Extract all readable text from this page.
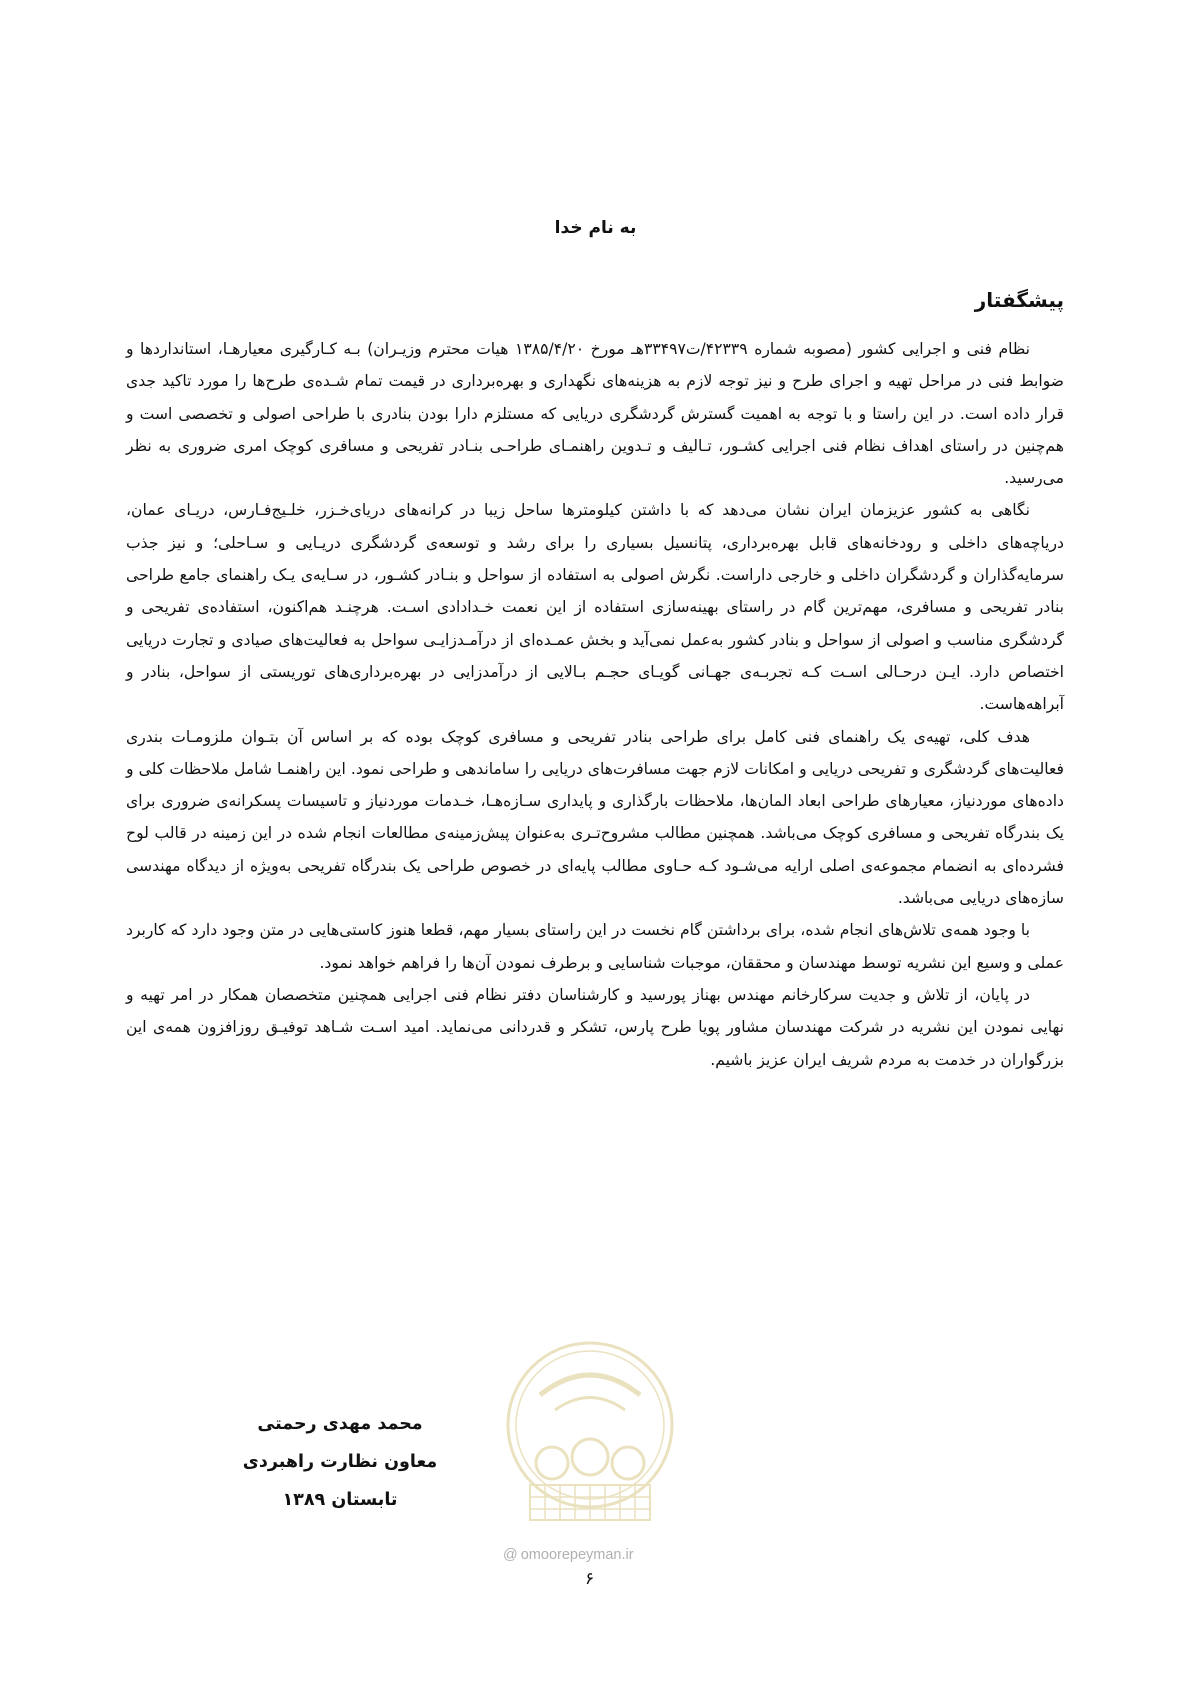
به نام خدا
پیشگفتار

نظام فنی و اجرایی کشور (مصوبه شماره ۴۲۳۳۹/ت۳۳۴۹۷هـ مورخ ۱۳۸۵/۴/۲۰ هیات محترم وزیـران) بـه کـارگیری معیارهـا، استانداردها و ضوابط فنی در مراحل تهیه و اجرای طرح و نیز توجه لازم به هزینه‌های نگهداری و بهره‌برداری در قیمت تمام شـده‌ی طرح‌ها را مورد تاکید جدی قرار داده است. در این راستا و با توجه به اهمیت گسترش گردشگری دریایی که مستلزم دارا بودن بنادری با طراحی اصولی و تخصصی است و هم‌چنین در راستای اهداف نظام فنی اجرایی کشـور، تـالیف و تـدوین راهنمـای طراحـی بنـادر تفریحی و مسافری کوچک امری ضروری به نظر می‌رسید.

نگاهی به کشور عزیزمان ایران نشان می‌دهد که با داشتن کیلومترها ساحل زیبا در کرانه‌های دریای‌خـزر، خلـیج‌فـارس، دریـای عمان، دریاچه‌های داخلی و رودخانه‌های قابل بهره‌برداری، پتانسیل بسیاری را برای رشد و توسعه‌ی گردشگری دریـایی و سـاحلی؛ و نیز جذب سرمایه‌گذاران و گردشگران داخلی و خارجی داراست. نگرش اصولی به استفاده از سواحل و بنـادر کشـور، در سـایه‌ی یـک راهنمای جامع طراحی بنادر تفریحی و مسافری، مهم‌ترین گام در راستای بهینه‌سازی استفاده از این نعمت خـدادادی اسـت. هرچنـد هم‌اکنون، استفاده‌ی تفریحی و گردشگری مناسب و اصولی از سواحل و بنادر کشور به‌عمل نمی‌آید و بخش عمـده‌ای از درآمـدزایـی سواحل به فعالیت‌های صیادی و تجارت دریایی اختصاص دارد. ایـن درحـالی اسـت کـه تجربـه‌ی جهـانی گویـای حجـم بـالایی از درآمدزایی در بهره‌برداری‌های توریستی از سواحل، بنادر و آبراهه‌هاست.

هدف کلی، تهیه‌ی یک راهنمای فنی کامل برای طراحی بنادر تفریحی و مسافری کوچک بوده که بر اساس آن بتـوان ملزومـات بندری فعالیت‌های گردشگری و تفریحی دریایی و امکانات لازم جهت مسافرت‌های دریایی را ساماندهی و طراحی نمود. این راهنمـا شامل ملاحظات کلی و داده‌های موردنیاز، معیارهای طراحی ابعاد المان‌ها، ملاحظات بارگذاری و پایداری سـازه‌هـا، خـدمات موردنیاز و تاسیسات پسکرانه‌ی ضروری برای یک بندرگاه تفریحی و مسافری کوچک می‌باشد. همچنین مطالب مشروح‌تـری به‌عنوان پیش‌زمینه‌ی مطالعات انجام شده در این زمینه در قالب لوح فشرده‌ای به انضمام مجموعه‌ی اصلی ارایه می‌شـود کـه حـاوی مطالب پایه‌ای در خصوص طراحی یک بندرگاه تفریحی به‌ویژه از دیدگاه مهندسی سازه‌های دریایی می‌باشد.

با وجود همه‌ی تلاش‌های انجام شده، برای برداشتن گام نخست در این راستای بسیار مهم، قطعا هنوز کاستی‌هایی در متن وجود دارد که کاربرد عملی و وسیع این نشریه توسط مهندسان و محققان، موجبات شناسایی و برطرف نمودن آن‌ها را فراهم خواهد نمود.

در پایان، از تلاش و جدیت سرکارخانم مهندس بهناز پورسید و کارشناسان دفتر نظام فنی اجرایی همچنین متخصصان همکار در امر تهیه و نهایی نمودن این نشریه در شرکت مهندسان مشاور پویا طرح پارس، تشکر و قدردانی می‌نماید. امید اسـت شـاهد توفیـق روزافزون همه‌ی این بزرگواران در خدمت به مردم شریف ایران عزیز باشیم.

محمد مهدی رحمتی
معاون نظارت راهبردی
تابستان ۱۳۸۹
@ omoorepeyman.ir
۶
